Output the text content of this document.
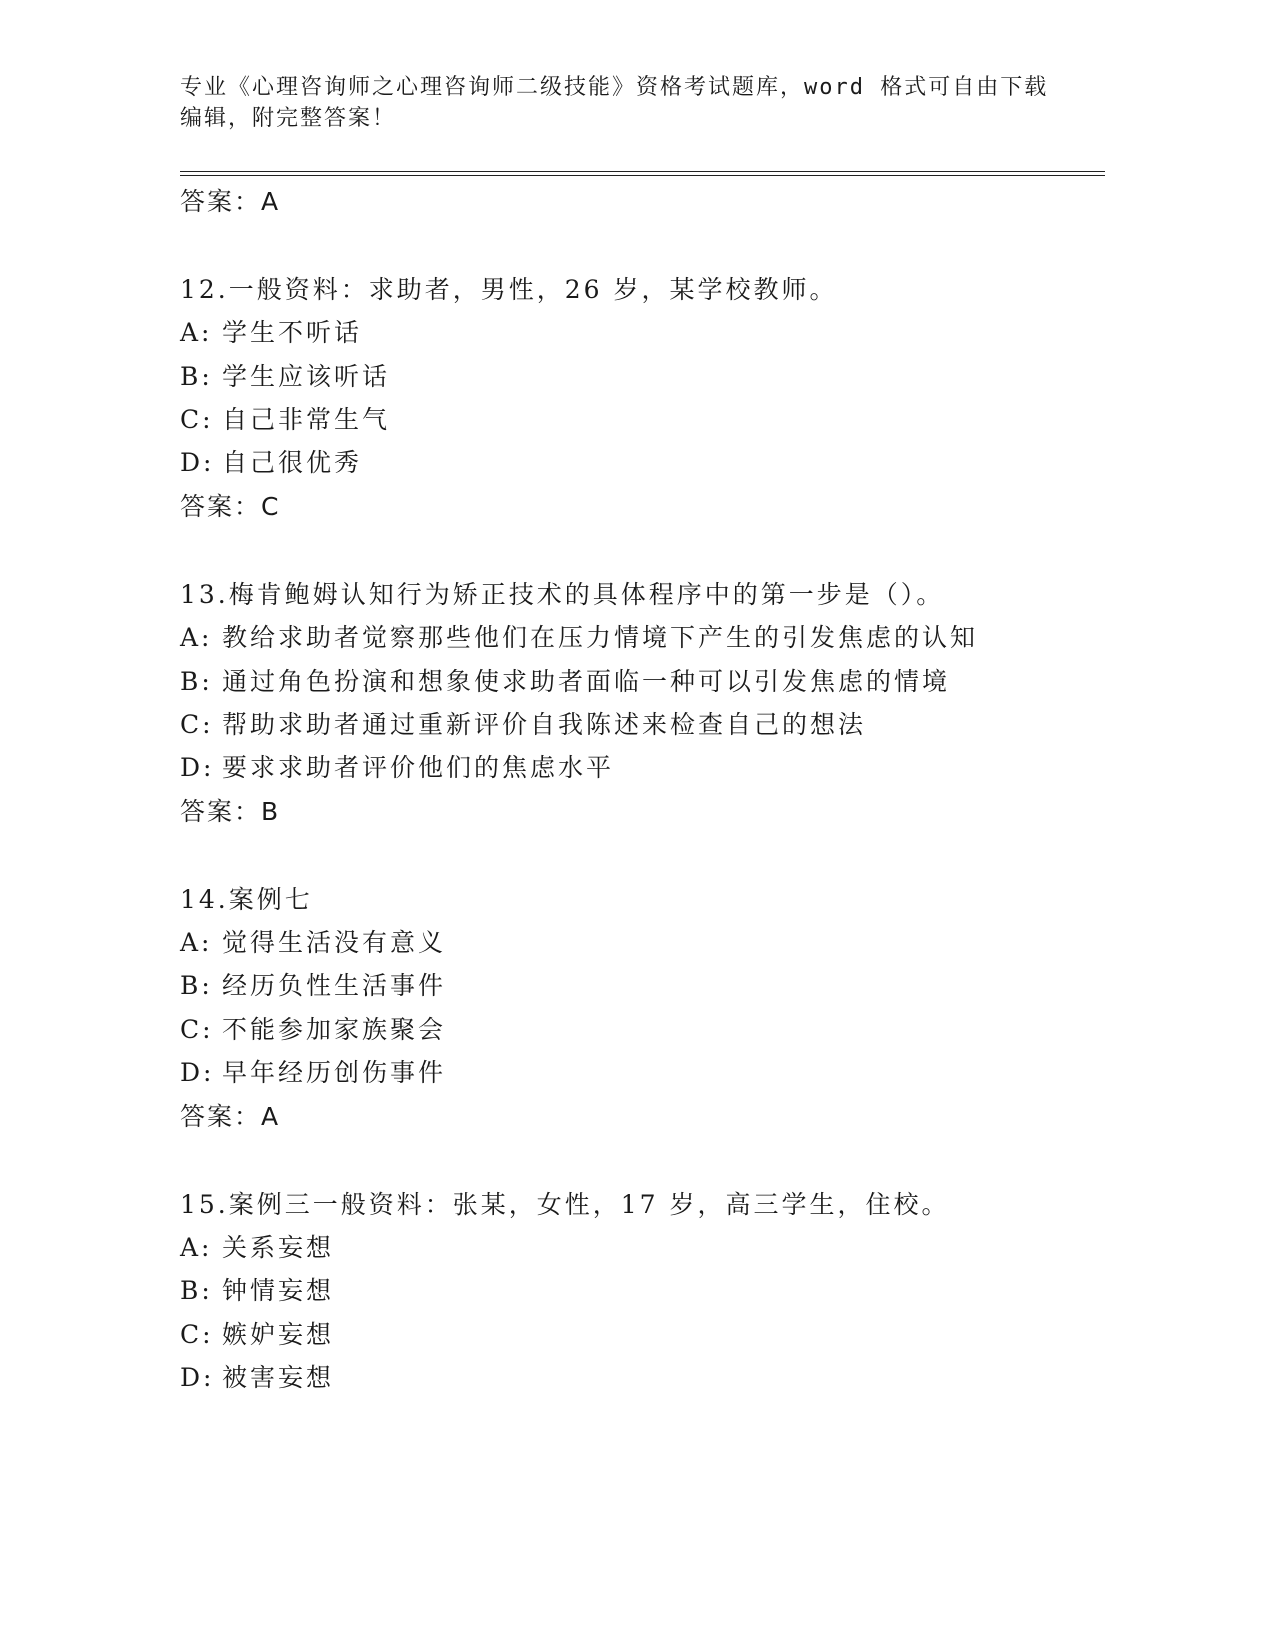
专业《心理咨询师之心理咨询师二级技能》资格考试题库，word 格式可自由下载
编辑，附完整答案！
答案：A
12.一般资料：求助者，男性，26 岁，某学校教师。
A: 学生不听话
B: 学生应该听话
C: 自己非常生气
D: 自己很优秀
答案：C
13.梅肯鲍姆认知行为矫正技术的具体程序中的第一步是（）。
A: 教给求助者觉察那些他们在压力情境下产生的引发焦虑的认知
B: 通过角色扮演和想象使求助者面临一种可以引发焦虑的情境
C: 帮助求助者通过重新评价自我陈述来检查自己的想法
D: 要求求助者评价他们的焦虑水平
答案：B
14.案例七
A: 觉得生活没有意义
B: 经历负性生活事件
C: 不能参加家族聚会
D: 早年经历创伤事件
答案：A
15.案例三一般资料：张某，女性，17 岁，高三学生，住校。
A: 关系妄想
B: 钟情妄想
C: 嫉妒妄想
D: 被害妄想
